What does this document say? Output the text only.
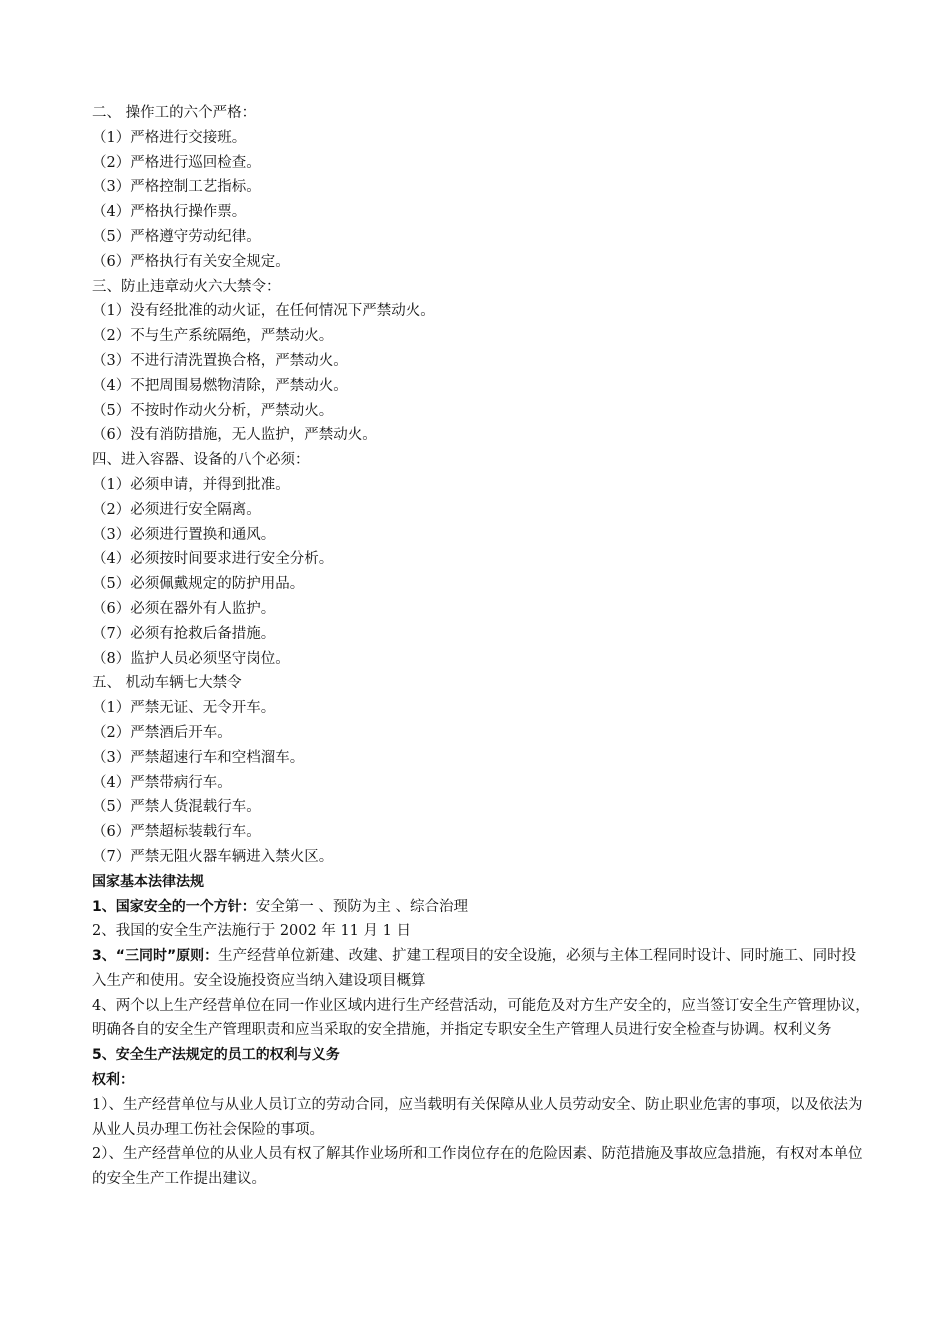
二、 操作工的六个严格：
（1）严格进行交接班。
（2）严格进行巡回检查。
（3）严格控制工艺指标。
（4）严格执行操作票。
（5）严格遵守劳动纪律。
（6）严格执行有关安全规定。
三、防止违章动火六大禁令：
（1）没有经批准的动火证，在任何情况下严禁动火。
（2）不与生产系统隔绝，严禁动火。
（3）不进行清洗置换合格，严禁动火。
（4）不把周围易燃物清除，严禁动火。
（5）不按时作动火分析，严禁动火。
（6）没有消防措施，无人监护，严禁动火。
四、进入容器、设备的八个必须：
（1）必须申请，并得到批准。
（2）必须进行安全隔离。
（3）必须进行置换和通风。
（4）必须按时间要求进行安全分析。
（5）必须佩戴规定的防护用品。
（6）必须在器外有人监护。
（7）必须有抢救后备措施。
（8）监护人员必须坚守岗位。
五、 机动车辆七大禁令
（1）严禁无证、无令开车。
（2）严禁酒后开车。
（3）严禁超速行车和空档溜车。
（4）严禁带病行车。
（5）严禁人货混载行车。
（6）严禁超标装载行车。
（7）严禁无阻火器车辆进入禁火区。
国家基本法律法规
1、国家安全的一个方针：安全第一 、预防为主 、综合治理
2、我国的安全生产法施行于 2002 年 11 月 1 日
3、“三同时”原则：生产经营单位新建、改建、扩建工程项目的安全设施，必须与主体工程同时设计、同时施工、同时投入生产和使用。安全设施投资应当纳入建设项目概算
4、两个以上生产经营单位在同一作业区域内进行生产经营活动，可能危及对方生产安全的，应当签订安全生产管理协议，明确各自的安全生产管理职责和应当采取的安全措施，并指定专职安全生产管理人员进行安全检查与协调。权利义务
5、安全生产法规定的员工的权利与义务
权利：
1）、生产经营单位与从业人员订立的劳动合同，应当载明有关保障从业人员劳动安全、防止职业危害的事项，以及依法为从业人员办理工伤社会保险的事项。
2）、生产经营单位的从业人员有权了解其作业场所和工作岗位存在的危险因素、防范措施及事故应急措施，有权对本单位的安全生产工作提出建议。
